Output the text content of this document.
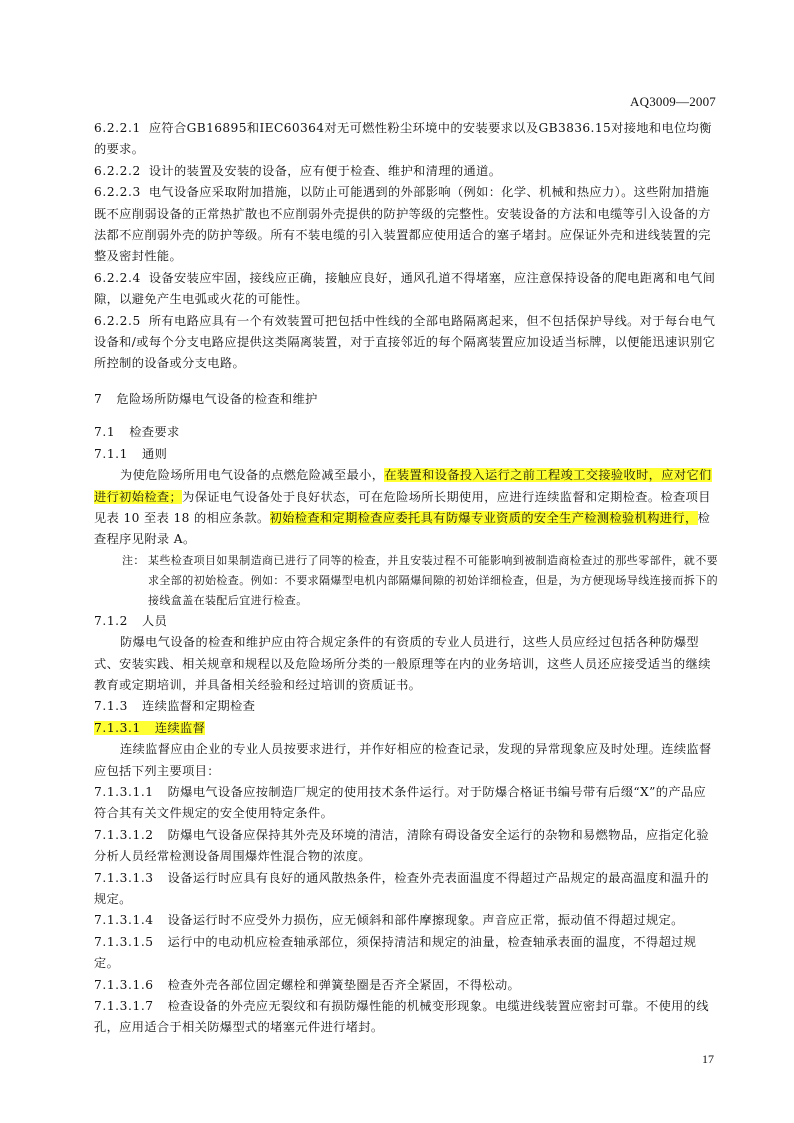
AQ3009—2007

6.2.2.1 应符合GB16895和IEC60364对无可燃性粉尘环境中的安装要求以及GB3836.15对接地和电位均衡的要求。

6.2.2.2 设计的装置及安装的设备，应有便于检查、维护和清理的通道。

6.2.2.3 电气设备应采取附加措施，以防止可能遇到的外部影响（例如：化学、机械和热应力）。这些附加措施既不应削弱设备的正常热扩散也不应削弱外壳提供的防护等级的完整性。安装设备的方法和电缆等引入设备的方法都不应削弱外壳的防护等级。所有不装电缆的引入装置都应使用适合的塞子堵封。应保证外壳和进线装置的完整及密封性能。

6.2.2.4 设备安装应牢固，接线应正确，接触应良好，通风孔道不得堵塞，应注意保持设备的爬电距离和电气间隙，以避免产生电弧或火花的可能性。

6.2.2.5 所有电路应具有一个有效装置可把包括中性线的全部电路隔离起来，但不包括保护导线。对于每台电气设备和/或每个分支电路应提供这类隔离装置，对于直接邻近的每个隔离装置应加设适当标牌，以便能迅速识别它所控制的设备或分支电路。

7 危险场所防爆电气设备的检查和维护

7.1 检查要求

7.1.1 通则

为使危险场所用电气设备的点燃危险减至最小，在装置和设备投入运行之前工程竣工交接验收时，应对它们进行初始检查；为保证电气设备处于良好状态，可在危险场所长期使用，应进行连续监督和定期检查。检查项目见表 10 至表 18 的相应条款。初始检查和定期检查应委托具有防爆专业资质的安全生产检测检验机构进行，检查程序见附录 A。

注： 某些检查项目如果制造商已进行了同等的检查，并且安装过程不可能影响到被制造商检查过的那些零部件，就不要求全部的初始检查。例如：不要求隔爆型电机内部隔爆间隙的初始详细检查，但是，为方便现场导线连接而拆下的接线盒盖在装配后宜进行检查。

7.1.2 人员

防爆电气设备的检查和维护应由符合规定条件的有资质的专业人员进行，这些人员应经过包括各种防爆型式、安装实践、相关规章和规程以及危险场所分类的一般原理等在内的业务培训，这些人员还应接受适当的继续教育或定期培训，并具备相关经验和经过培训的资质证书。

7.1.3 连续监督和定期检查

7.1.3.1 连续监督

连续监督应由企业的专业人员按要求进行，并作好相应的检查记录，发现的异常现象应及时处理。连续监督应包括下列主要项目：

7.1.3.1.1 防爆电气设备应按制造厂规定的使用技术条件运行。对于防爆合格证书编号带有后缀“X”的产品应符合其有关文件规定的安全使用特定条件。

7.1.3.1.2 防爆电气设备应保持其外壳及环境的清洁，清除有碍设备安全运行的杂物和易燃物品，应指定化验分析人员经常检测设备周围爆炸性混合物的浓度。

7.1.3.1.3 设备运行时应具有良好的通风散热条件，检查外壳表面温度不得超过产品规定的最高温度和温升的规定。

7.1.3.1.4 设备运行时不应受外力损伤，应无倾斜和部件摩擦现象。声音应正常，振动值不得超过规定。

7.1.3.1.5 运行中的电动机应检查轴承部位，须保持清洁和规定的油量，检查轴承表面的温度，不得超过规定。

7.1.3.1.6 检查外壳各部位固定螺栓和弹簧垫圈是否齐全紧固，不得松动。

7.1.3.1.7 检查设备的外壳应无裂纹和有损防爆性能的机械变形现象。电缆进线装置应密封可靠。不使用的线孔，应用适合于相关防爆型式的堵塞元件进行堵封。

17
